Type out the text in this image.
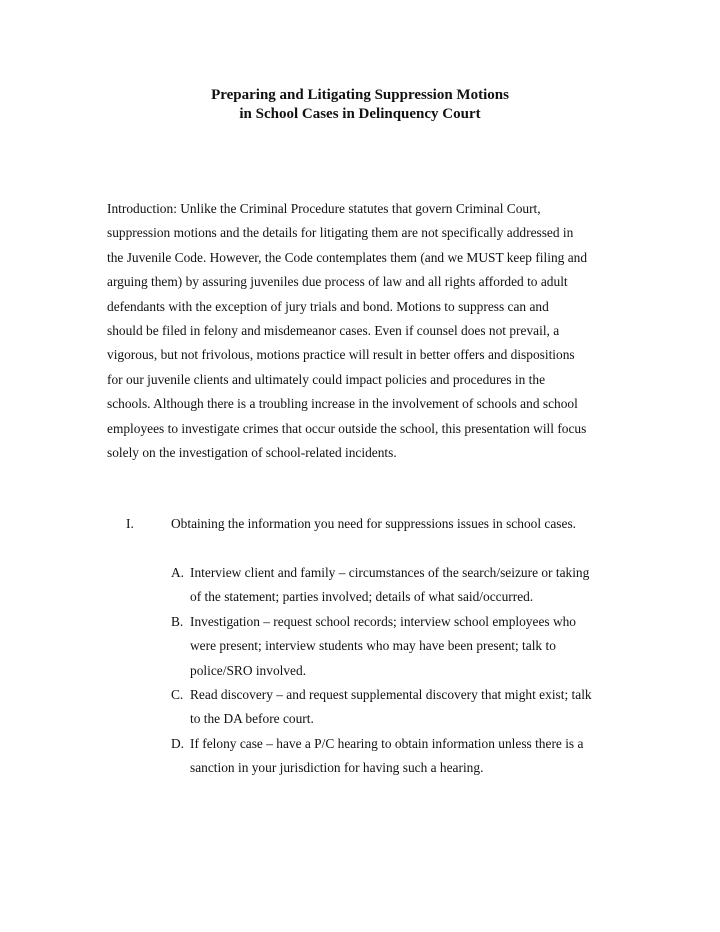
Preparing and Litigating Suppression Motions
in School Cases in Delinquency Court
Introduction: Unlike the Criminal Procedure statutes that govern Criminal Court,
suppression motions and the details for litigating them are not specifically addressed in
the Juvenile Code. However, the Code contemplates them (and we MUST keep filing and
arguing them) by assuring juveniles due process of law and all rights afforded to adult
defendants with the exception of jury trials and bond. Motions to suppress can and
should be filed in felony and misdemeanor cases. Even if counsel does not prevail, a
vigorous, but not frivolous, motions practice will result in better offers and dispositions
for our juvenile clients and ultimately could impact policies and procedures in the
schools. Although there is a troubling increase in the involvement of schools and school
employees to investigate crimes that occur outside the school, this presentation will focus
solely on the investigation of school-related incidents.
I.	Obtaining the information you need for suppressions issues in school cases.
A. Interview client and family – circumstances of the search/seizure or taking
of the statement; parties involved; details of what said/occurred.
B. Investigation – request school records; interview school employees who
were present; interview students who may have been present; talk to
police/SRO involved.
C. Read discovery – and request supplemental discovery that might exist; talk
to the DA before court.
D. If felony case – have a P/C hearing to obtain information unless there is a
sanction in your jurisdiction for having such a hearing.
